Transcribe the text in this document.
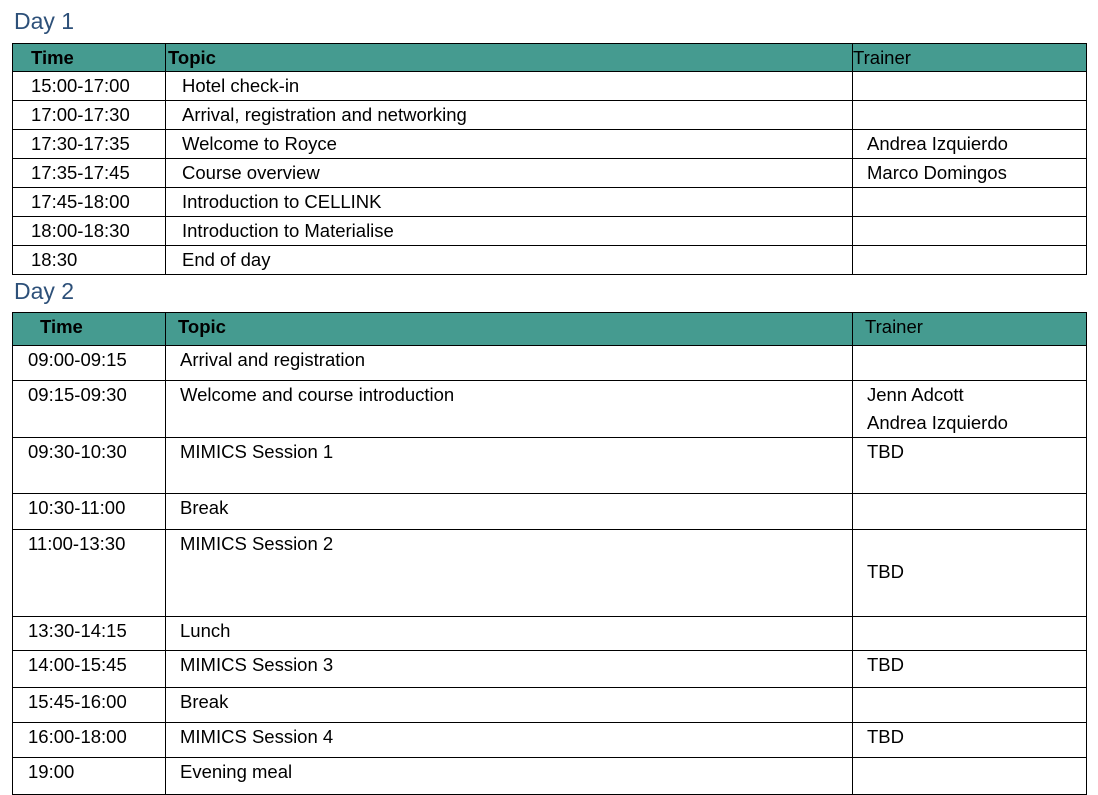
Day 1
Time	Topic	Trainer
15:00-17:00	Hotel check-in	
17:00-17:30	Arrival, registration and networking	
17:30-17:35	Welcome to Royce	Andrea Izquierdo

17:35-17:45	Course overview	Marco Domingos

17:45-18:00	Introduction to CELLINK	
18:00-18:30	Introduction to Materialise	
18:30	End of day	
Day 2
Time	Topic	Trainer
09:00-09:15	Arrival and registration	
09:15-09:30	Welcome and course introduction	Jenn Adcott
Andrea Izquierdo

09:30-10:30	MIMICS Session 1	TBD

10:30-11:00	Break	
11:00-13:30	MIMICS Session 2	TBD

13:30-14:15	Lunch	
14:00-15:45	MIMICS Session 3	TBD

15:45-16:00	Break	
16:00-18:00	MIMICS Session 4	TBD

19:00	Evening meal	
